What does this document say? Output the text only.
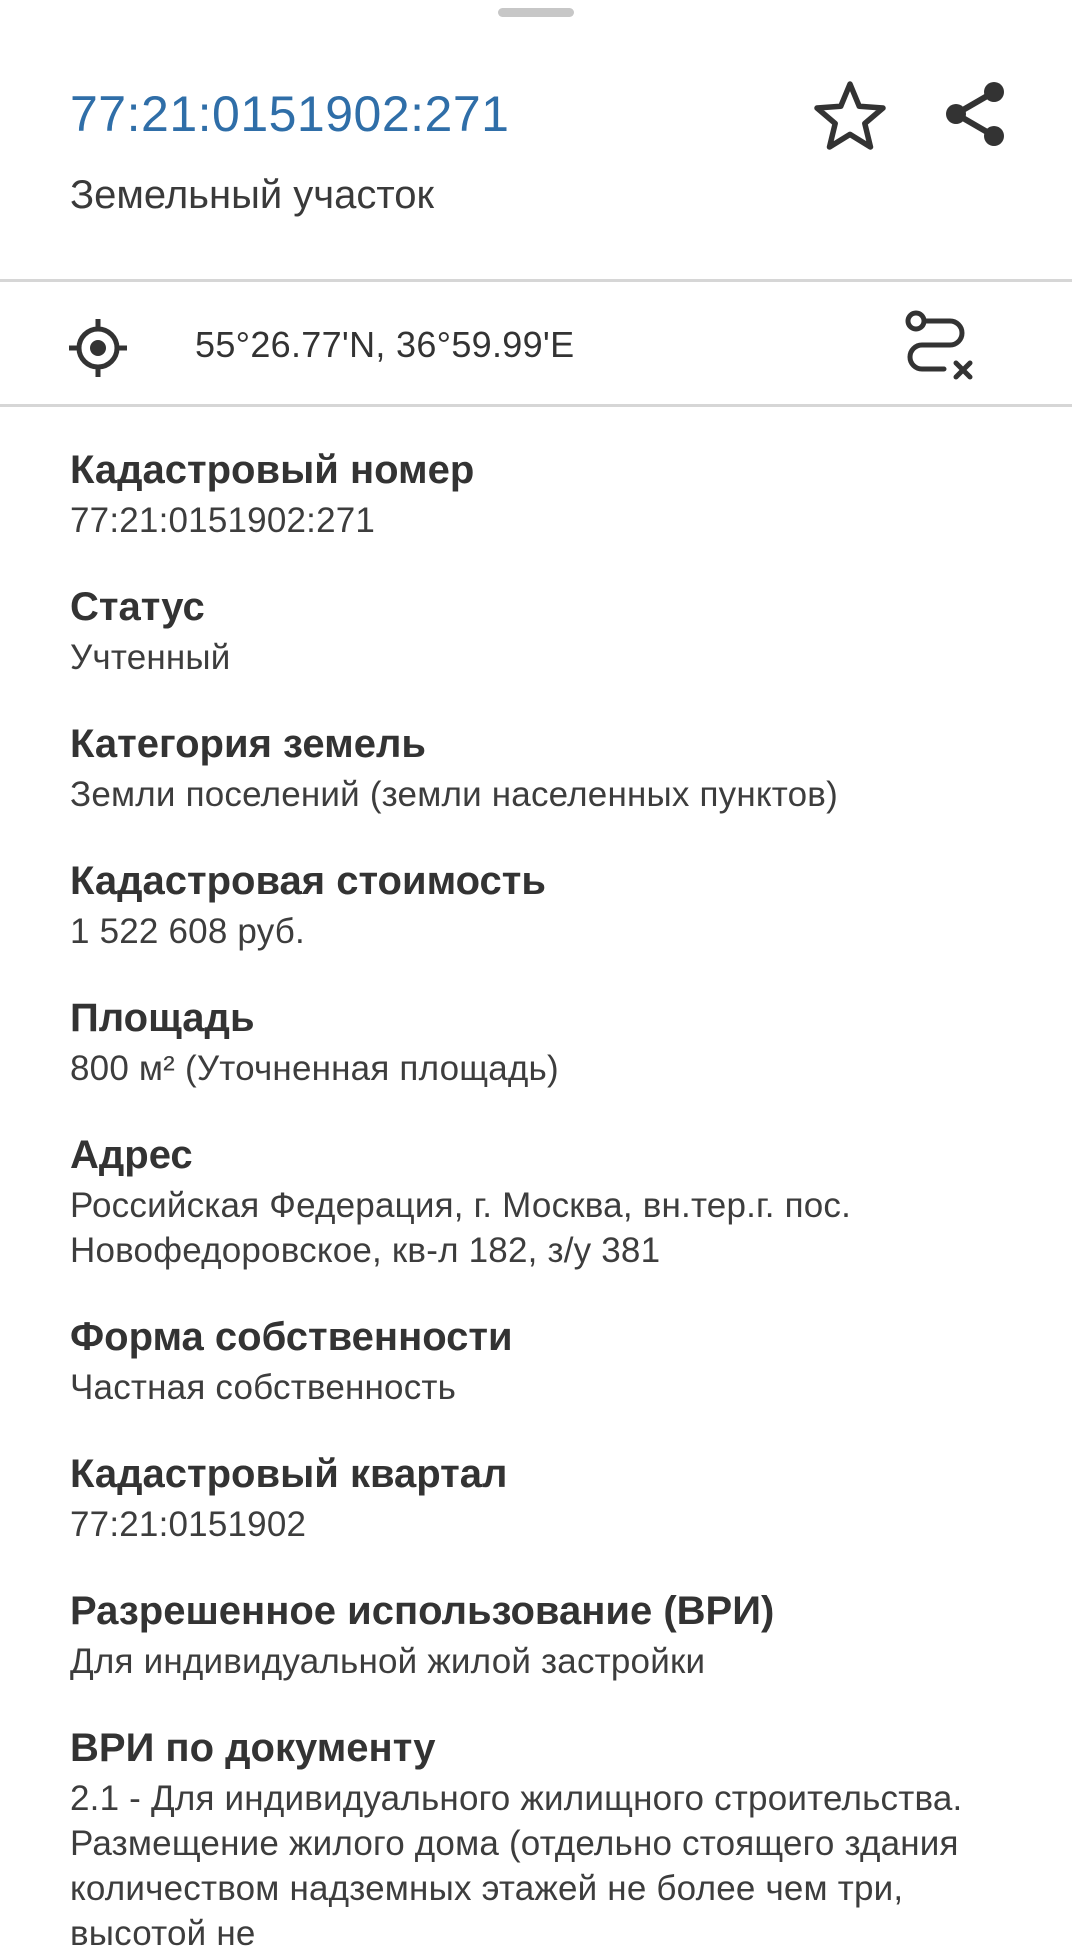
77:21:0151902:271
Земельный участок
55°26.77'N, 36°59.99'E
Кадастровый номер
77:21:0151902:271
Статус
Учтенный
Категория земель
Земли поселений (земли населенных пунктов)
Кадастровая стоимость
1 522 608 руб.
Площадь
800 м² (Уточненная площадь)
Адрес
Российская Федерация, г. Москва, вн.тер.г. пос. Новофедоровское, кв-л 182, з/у 381
Форма собственности
Частная собственность
Кадастровый квартал
77:21:0151902
Разрешенное использование (ВРИ)
Для индивидуальной жилой застройки
ВРИ по документу
2.1 - Для индивидуального жилищного строительства. Размещение жилого дома (отдельно стоящего здания количеством надземных этажей не более чем три, высотой не
